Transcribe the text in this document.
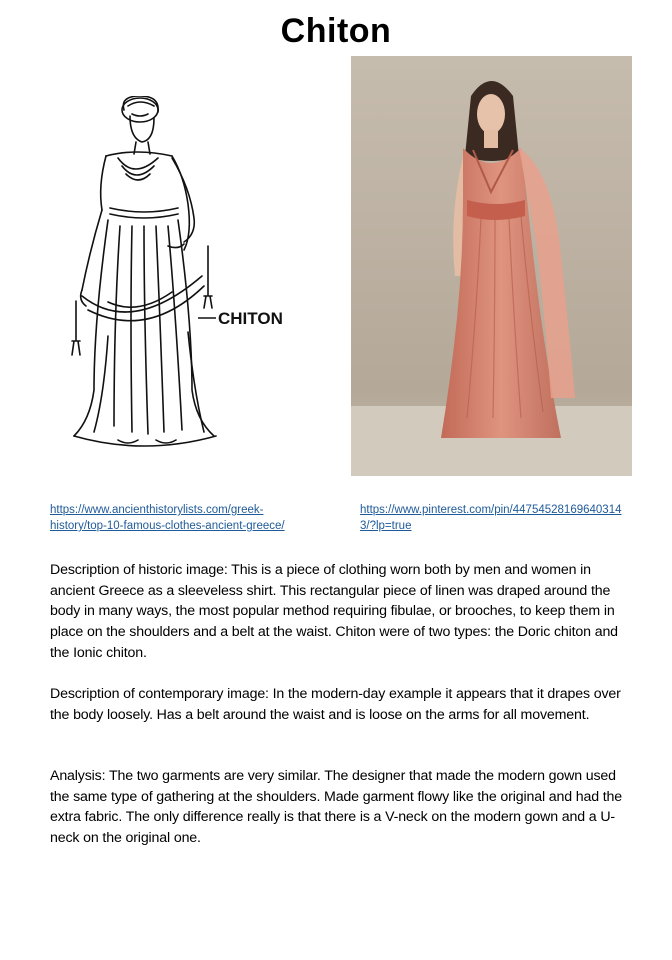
Chiton
CHITON
https://www.ancienthistorylists.com/greek-history/top-10-famous-clothes-ancient-greece/
https://www.pinterest.com/pin/447545281696403143/?lp=true
Description of historic image: This is a piece of clothing worn both by men and women in ancient Greece as a sleeveless shirt. This rectangular piece of linen was draped around the body in many ways, the most popular method requiring fibulae, or brooches, to keep them in place on the shoulders and a belt at the waist. Chiton were of two types: the Doric chiton and the Ionic chiton.
Description of contemporary image: In the modern-day example it appears that it drapes over the body loosely. Has a belt around the waist and is loose on the arms for all movement.
Analysis: The two garments are very similar. The designer that made the modern gown used the same type of gathering at the shoulders. Made garment flowy like the original and had the extra fabric. The only difference really is that there is a V-neck on the modern gown and a U-neck on the original one.
